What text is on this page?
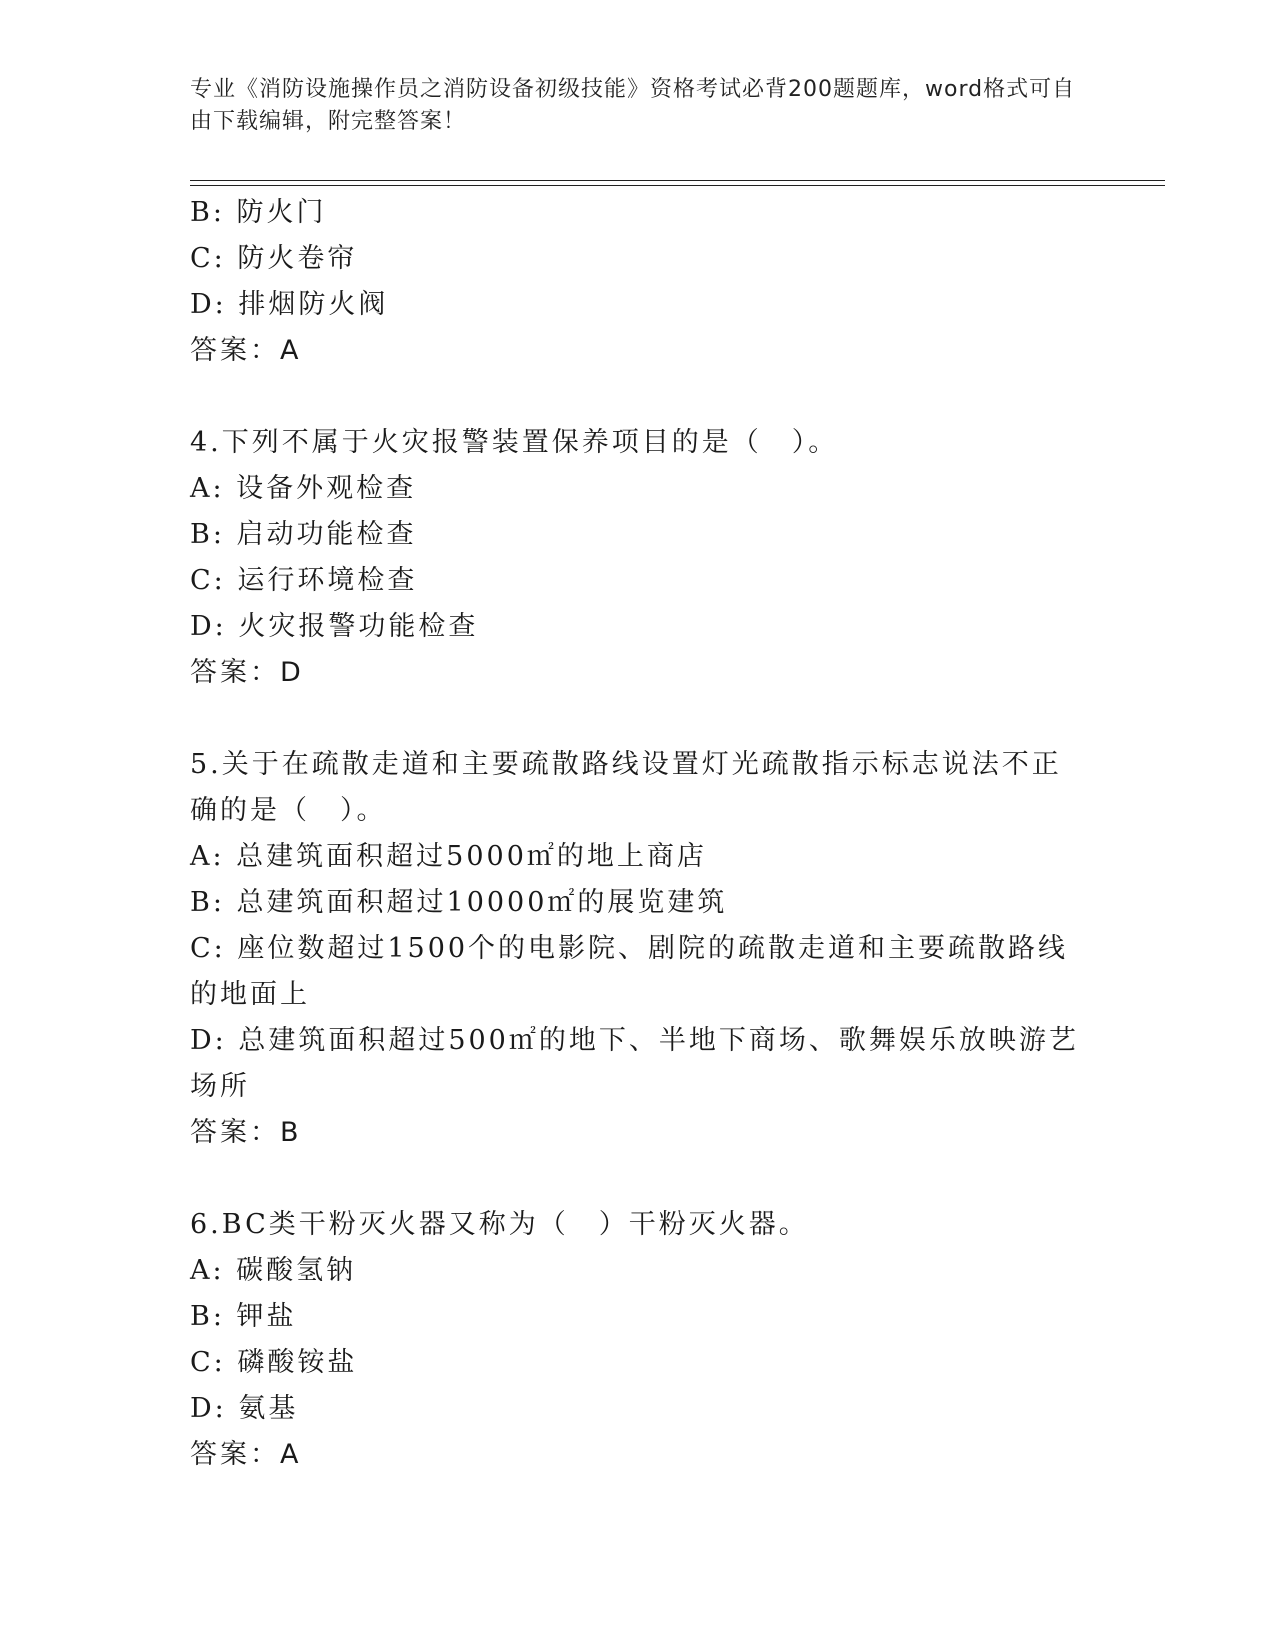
专业《消防设施操作员之消防设备初级技能》资格考试必背200题题库，word格式可自由下载编辑，附完整答案！
B: 防火门
C: 防火卷帘
D: 排烟防火阀
答案：A
4.下列不属于火灾报警装置保养项目的是（　）。
A: 设备外观检查
B: 启动功能检查
C: 运行环境检查
D: 火灾报警功能检查
答案：D
5.关于在疏散走道和主要疏散路线设置灯光疏散指示标志说法不正确的是（　）。
A: 总建筑面积超过5000㎡的地上商店
B: 总建筑面积超过10000㎡的展览建筑
C: 座位数超过1500个的电影院、剧院的疏散走道和主要疏散路线的地面上
D: 总建筑面积超过500㎡的地下、半地下商场、歌舞娱乐放映游艺场所
答案：B
6.BC类干粉灭火器又称为（　）干粉灭火器。
A: 碳酸氢钠
B: 钾盐
C: 磷酸铵盐
D: 氨基
答案：A
